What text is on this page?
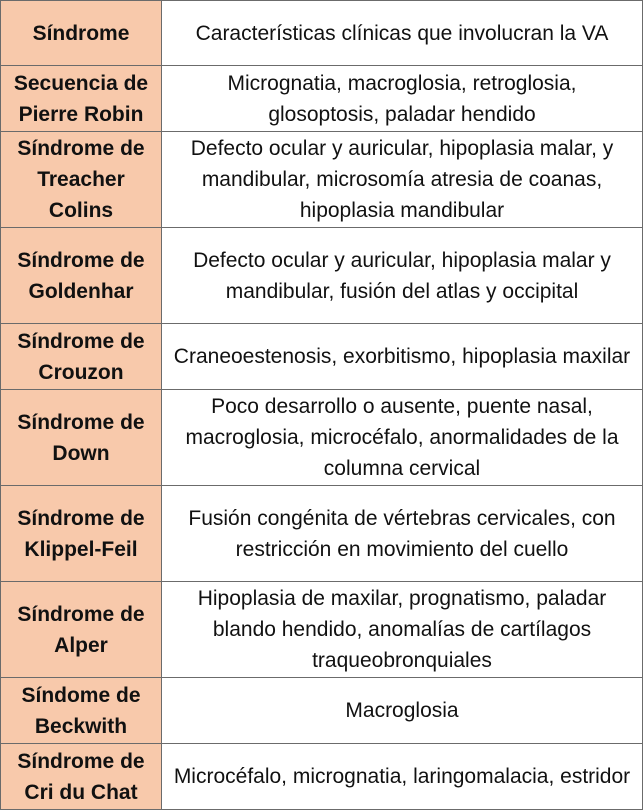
Síndrome	Características clínicas que involucran la VA
Secuencia de Pierre Robin	Micrognatia, macroglosia, retroglosia, glosoptosis, paladar hendido
Síndrome de Treacher Colins	Defecto ocular y auricular, hipoplasia malar, y mandibular, microsomía atresia de coanas, hipoplasia mandibular
Síndrome de Goldenhar	Defecto ocular y auricular, hipoplasia malar y mandibular, fusión del atlas y occipital
Síndrome de Crouzon	Craneoestenosis, exorbitismo, hipoplasia maxilar
Síndrome de Down	Poco desarrollo o ausente, puente nasal, macroglosia, microcéfalo, anormalidades de la columna cervical
Síndrome de Klippel-Feil	Fusión congénita de vértebras cervicales, con restricción en movimiento del cuello
Síndrome de Alper	Hipoplasia de maxilar, prognatismo, paladar blando hendido, anomalías de cartílagos traqueobronquiales
Síndome de Beckwith	Macroglosia
Síndrome de Cri du Chat	Microcéfalo, micrognatia, laringomalacia, estridor
